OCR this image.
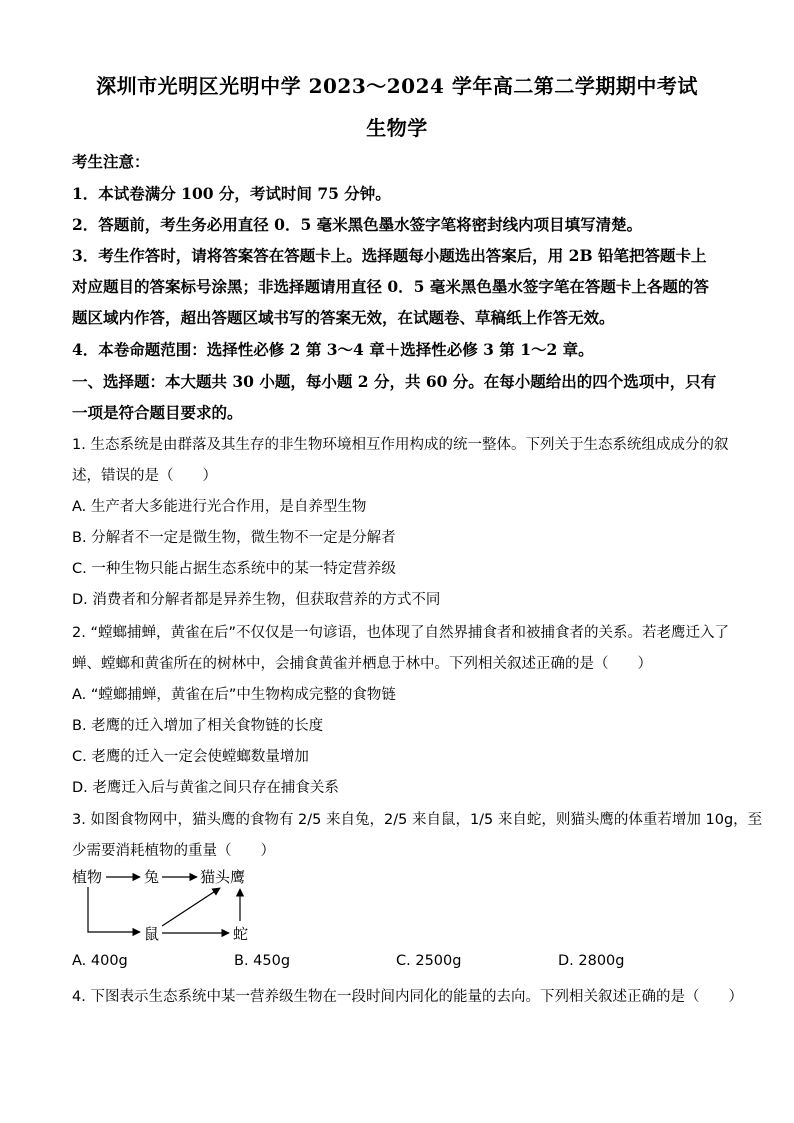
深圳市光明区光明中学 2023～2024 学年高二第二学期期中考试
生物学
考生注意：
1．本试卷满分 100 分，考试时间 75 分钟。
2．答题前，考生务必用直径 0．5 毫米黑色墨水签字笔将密封线内项目填写清楚。
3．考生作答时，请将答案答在答题卡上。选择题每小题选出答案后，用 2B 铅笔把答题卡上
对应题目的答案标号涂黑；非选择题请用直径 0．5 毫米黑色墨水签字笔在答题卡上各题的答
题区域内作答，超出答题区域书写的答案无效，在试题卷、草稿纸上作答无效。
4．本卷命题范围：选择性必修 2 第 3～4 章＋选择性必修 3 第 1～2 章。
一、选择题：本大题共 30 小题，每小题 2 分，共 60 分。在每小题给出的四个选项中，只有
一项是符合题目要求的。
1. 生态系统是由群落及其生存的非生物环境相互作用构成的统一整体。下列关于生态系统组成成分的叙
述，错误的是（　　）
A. 生产者大多能进行光合作用，是自养型生物
B. 分解者不一定是微生物，微生物不一定是分解者
C. 一种生物只能占据生态系统中的某一特定营养级
D. 消费者和分解者都是异养生物，但获取营养的方式不同
2. “螳螂捕蝉，黄雀在后”不仅仅是一句谚语，也体现了自然界捕食者和被捕食者的关系。若老鹰迁入了
蝉、螳螂和黄雀所在的树林中，会捕食黄雀并栖息于林中。下列相关叙述正确的是（　　）
A. “螳螂捕蝉，黄雀在后”中生物构成完整的食物链
B. 老鹰的迁入增加了相关食物链的长度
C. 老鹰的迁入一定会使螳螂数量增加
D. 老鹰迁入后与黄雀之间只存在捕食关系
3. 如图食物网中，猫头鹰的食物有 2/5 来自兔，2/5 来自鼠，1/5 来自蛇，则猫头鹰的体重若增加 10g，至
少需要消耗植物的重量（　　）
植物	兔	猫头鹰
鼠	蛇
A. 400g	B. 450g	C. 2500g	D. 2800g
4. 下图表示生态系统中某一营养级生物在一段时间内同化的能量的去向。下列相关叙述正确的是（　　）
